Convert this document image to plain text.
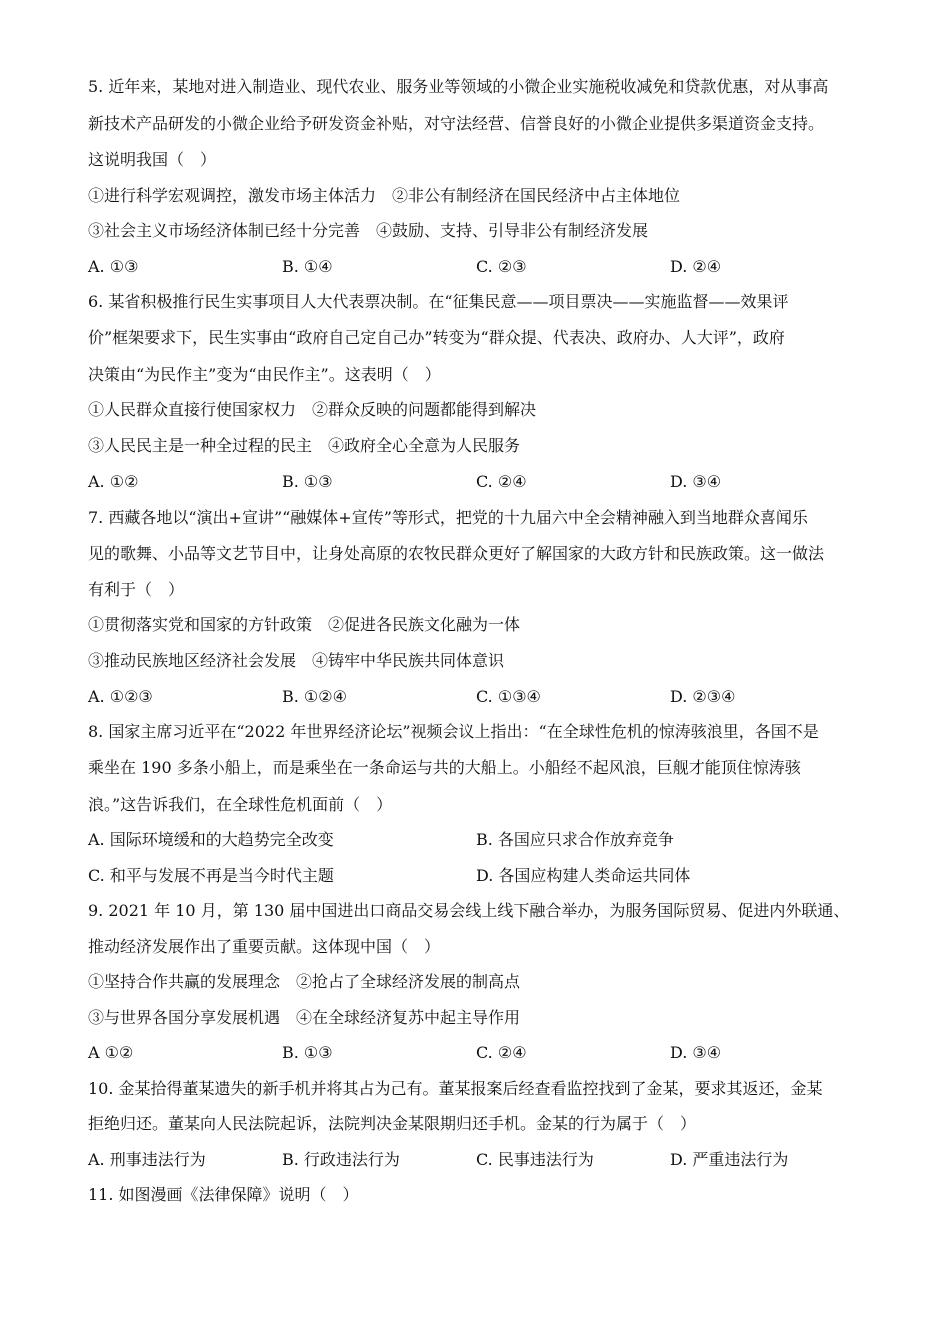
5. 近年来，某地对进入制造业、现代农业、服务业等领域的小微企业实施税收减免和贷款优惠，对从事高
新技术产品研发的小微企业给予研发资金补贴，对守法经营、信誉良好的小微企业提供多渠道资金支持。
这说明我国（　）
①进行科学宏观调控，激发市场主体活力　②非公有制经济在国民经济中占主体地位
③社会主义市场经济体制已经十分完善　④鼓励、支持、引导非公有制经济发展
A. ①③	B. ①④	C. ②③	D. ②④
6. 某省积极推行民生实事项目人大代表票决制。在“征集民意——项目票决——实施监督——效果评
价”框架要求下，民生实事由“政府自己定自己办”转变为“群众提、代表决、政府办、人大评”，政府
决策由“为民作主”变为“由民作主”。这表明（　）
①人民群众直接行使国家权力　②群众反映的问题都能得到解决
③人民民主是一种全过程的民主　④政府全心全意为人民服务
A. ①②	B. ①③	C. ②④	D. ③④
7. 西藏各地以“演出+宣讲”“融媒体+宣传”等形式，把党的十九届六中全会精神融入到当地群众喜闻乐
见的歌舞、小品等文艺节目中，让身处高原的农牧民群众更好了解国家的大政方针和民族政策。这一做法
有利于（　）
①贯彻落实党和国家的方针政策　②促进各民族文化融为一体
③推动民族地区经济社会发展　④铸牢中华民族共同体意识
A. ①②③	B. ①②④	C. ①③④	D. ②③④
8. 国家主席习近平在“2022 年世界经济论坛”视频会议上指出：“在全球性危机的惊涛骇浪里，各国不是
乘坐在 190 多条小船上，而是乘坐在一条命运与共的大船上。小船经不起风浪，巨舰才能顶住惊涛骇
浪。”这告诉我们，在全球性危机面前（　）
A. 国际环境缓和的大趋势完全改变	B. 各国应只求合作放弃竞争
C. 和平与发展不再是当今时代主题	D. 各国应构建人类命运共同体
9. 2021 年 10 月，第 130 届中国进出口商品交易会线上线下融合举办，为服务国际贸易、促进内外联通、
推动经济发展作出了重要贡献。这体现中国（　）
①坚持合作共赢的发展理念　②抢占了全球经济发展的制高点
③与世界各国分享发展机遇　④在全球经济复苏中起主导作用
A ①②	B. ①③	C. ②④	D. ③④
10. 金某拾得董某遗失的新手机并将其占为己有。董某报案后经查看监控找到了金某，要求其返还，金某
拒绝归还。董某向人民法院起诉，法院判决金某限期归还手机。金某的行为属于（　）
A. 刑事违法行为	B. 行政违法行为	C. 民事违法行为	D. 严重违法行为
11. 如图漫画《法律保障》说明（　）
